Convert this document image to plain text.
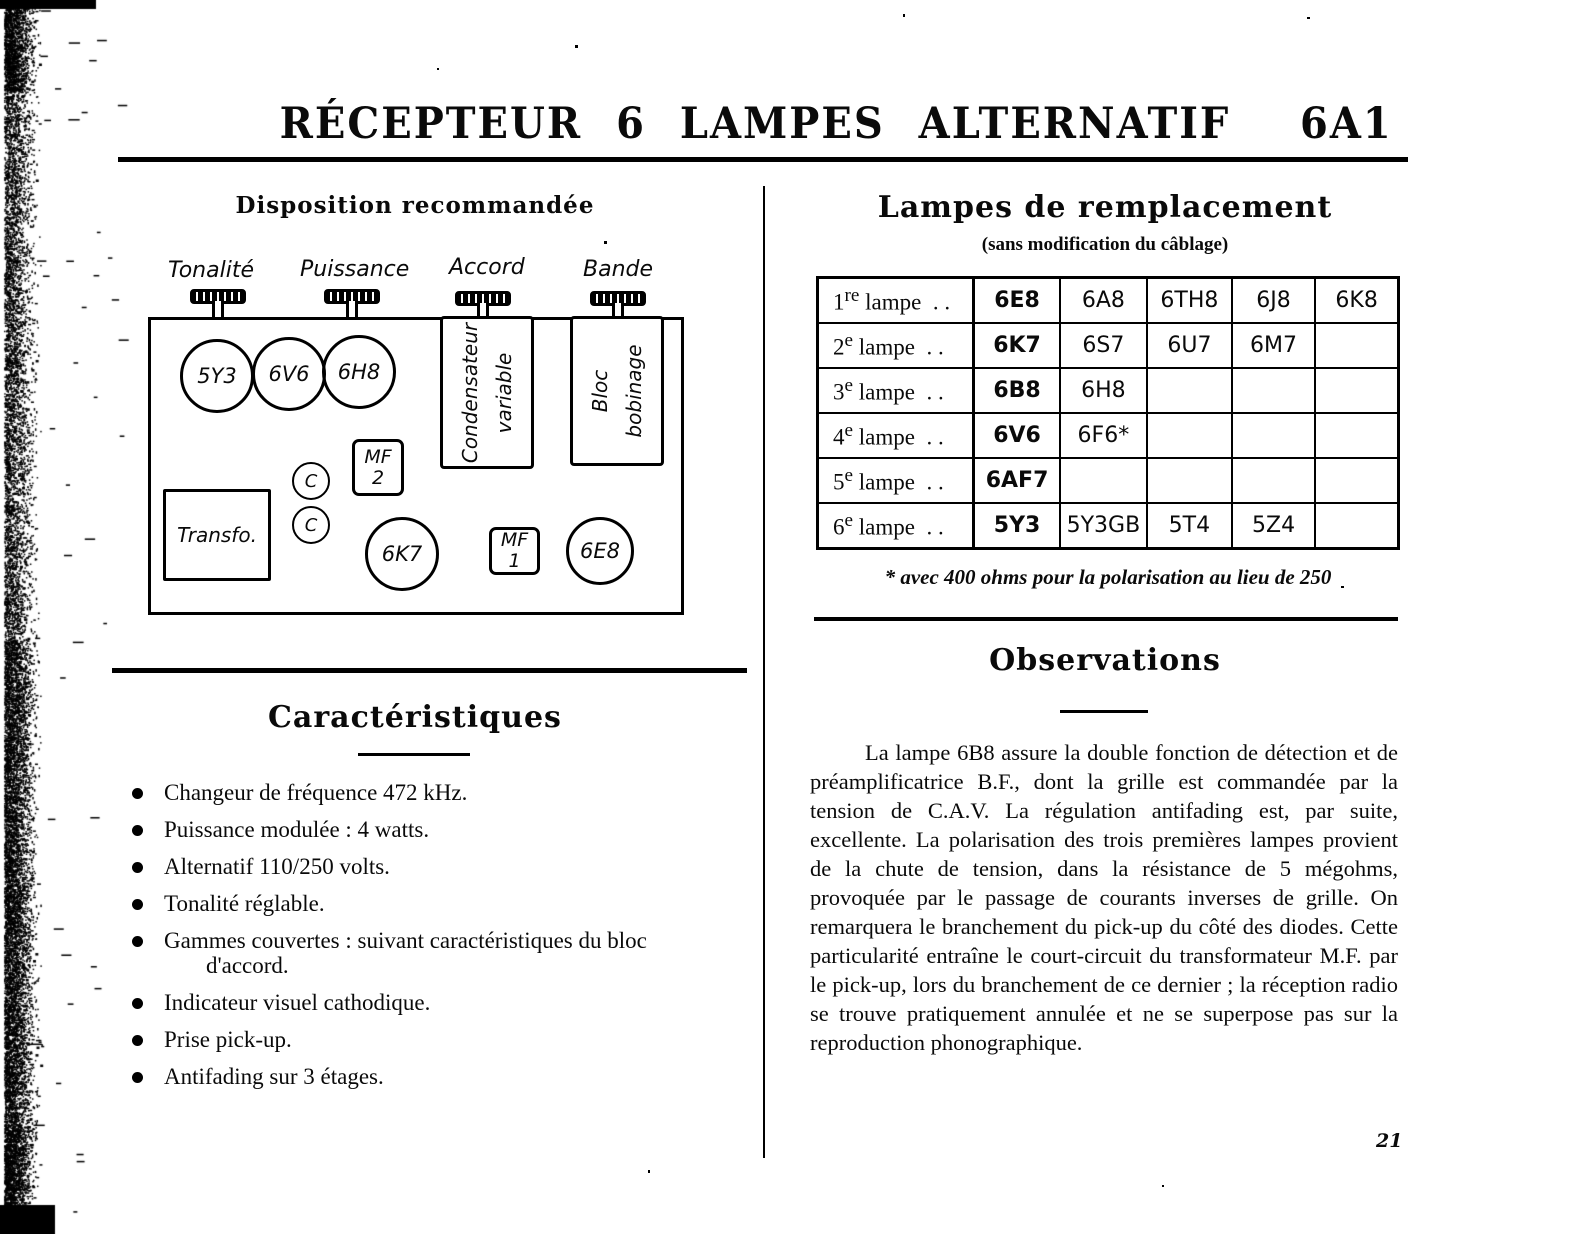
RÉCEPTEUR 6 LAMPES ALTERNATIF	6A1
Disposition recommandée
Tonalité Puissance Accord	Bande
5Y3	6V6	6H8	Condensateur variable	Bloc bobinage
MF
2
C
C
Transfo.
6K7
MF
1	6E8
Caractéristiques
Changeur de fréquence 472 kHz.
Puissance modulée : 4 watts.
Alternatif 110/250 volts.
Tonalité réglable.
Gammes couvertes : suivant caractéristiques du bloc d'accord.
Indicateur visuel cathodique.
Prise pick-up.
Antifading sur 3 étages.
Lampes de remplacement
(sans modification du câblage)
1re lampe . .	6E8	6A8	6TH8	6J8	6K8
2e lampe . .	6K7	6S7	6U7	6M7	
3e lampe . .	6B8	6H8			
4e lampe . .	6V6	6F6*			
5e lampe . .	6AF7				
6e lampe . .	5Y3	5Y3GB	5T4	5Z4	
* avec 400 ohms pour la polarisation au lieu de 250
Observations
La lampe 6B8 assure la double fonction de détection et de préamplificatrice B.F., dont la grille est commandée par la tension de C.A.V. La régulation antifading est, par suite, excellente. La polarisation des trois premières lampes provient de la chute de tension, dans la résistance de 5 mégohms, provoquée par le passage de courants inverses de grille. On remarquera le branchement du pick-up du côté des diodes. Cette particularité entraîne le court-circuit du transformateur M.F. par le pick-up, lors du branchement de ce dernier ; la réception radio se trouve pratiquement annulée et ne se superpose pas sur la reproduction phonographique.
21
